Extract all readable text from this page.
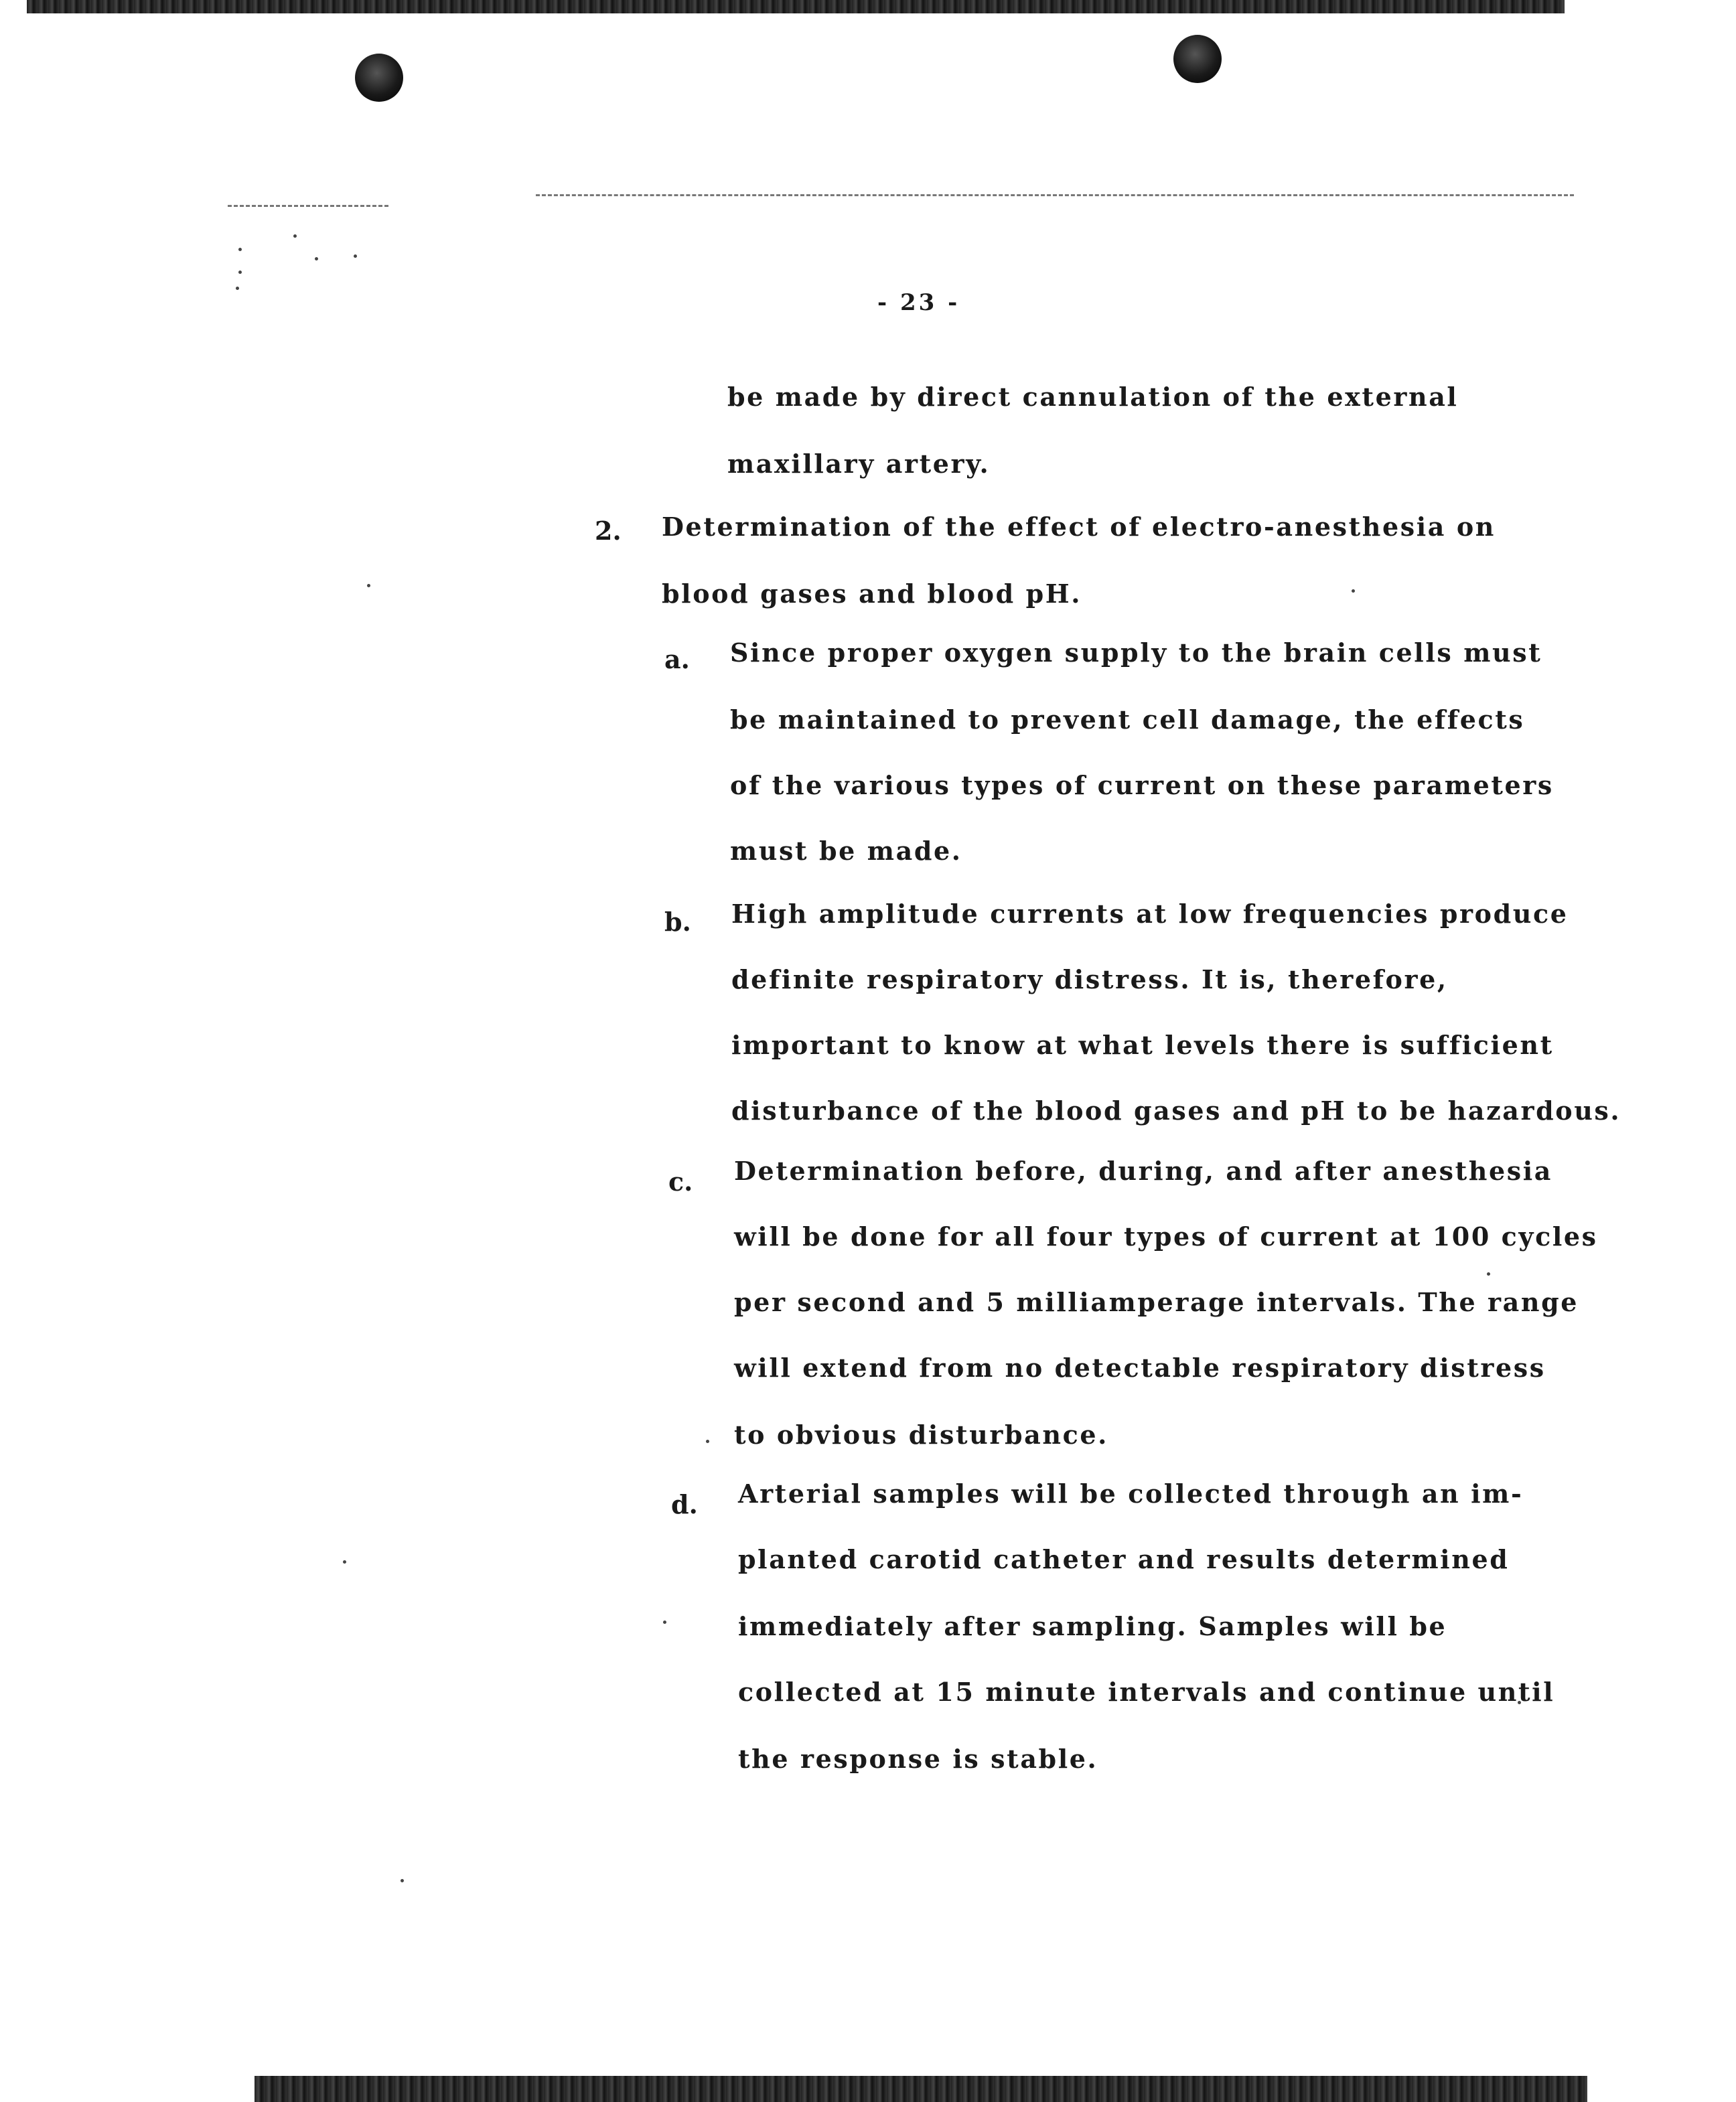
- 23 -
be made by direct cannulation of the external
maxillary artery.
2. Determination of the effect of electro-anesthesia on
blood gases and blood pH.
a. Since proper oxygen supply to the brain cells must
be maintained to prevent cell damage, the effects
of the various types of current on these parameters
must be made.
b. High amplitude currents at low frequencies produce
definite respiratory distress. It is, therefore,
important to know at what levels there is sufficient
disturbance of the blood gases and pH to be hazardous.
c. Determination before, during, and after anesthesia
will be done for all four types of current at 100 cycles
per second and 5 milliamperage intervals. The range
will extend from no detectable respiratory distress
to obvious disturbance.
d. Arterial samples will be collected through an im-
planted carotid catheter and results determined
immediately after sampling. Samples will be
collected at 15 minute intervals and continue until
the response is stable.
